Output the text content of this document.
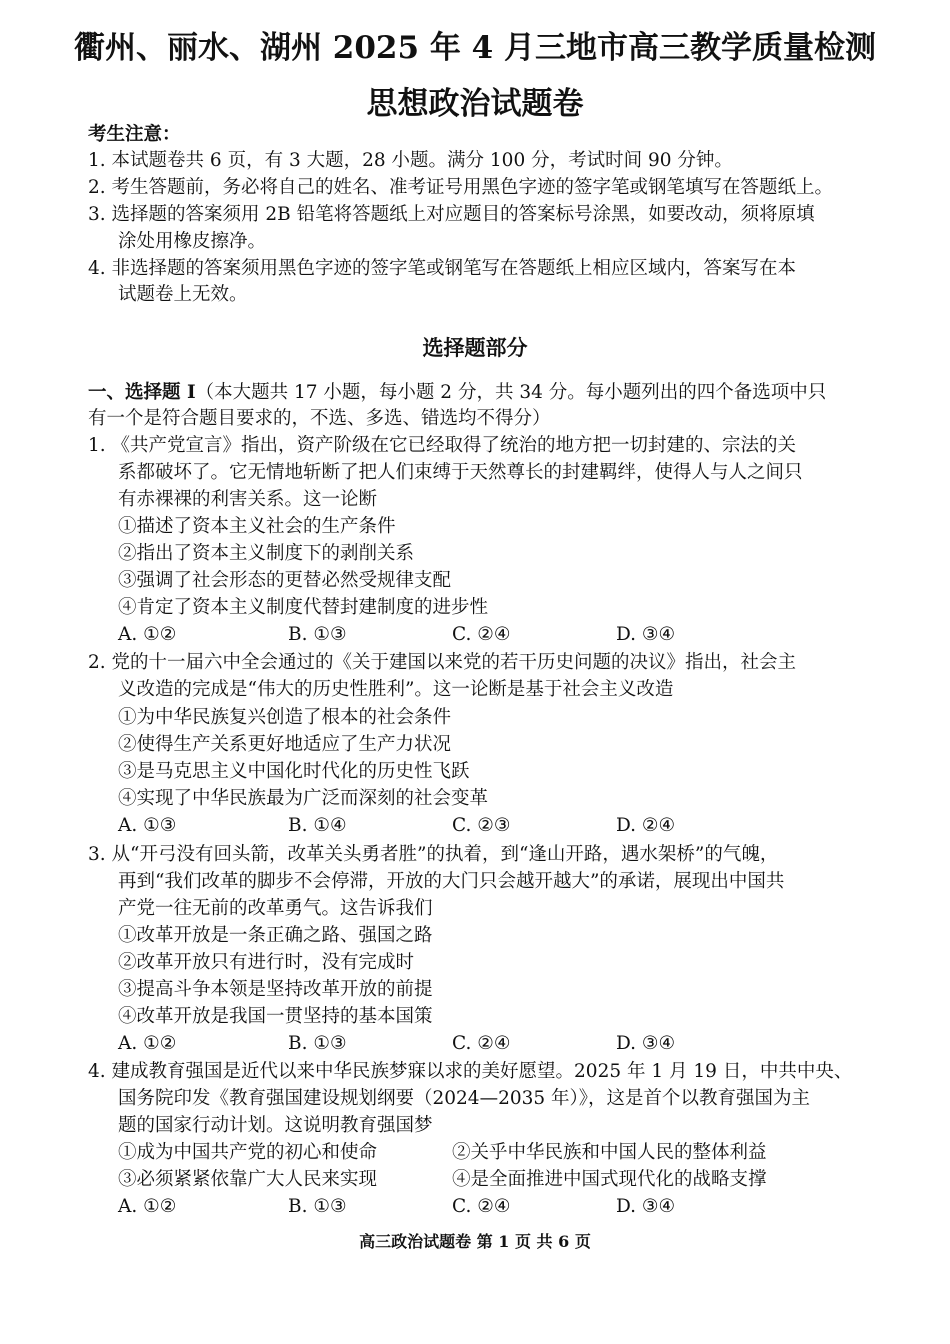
衢州、丽水、湖州 2025 年 4 月三地市高三教学质量检测
思想政治试题卷
考生注意：
1. 本试题卷共 6 页，有 3 大题，28 小题。满分 100 分，考试时间 90 分钟。
2. 考生答题前，务必将自己的姓名、准考证号用黑色字迹的签字笔或钢笔填写在答题纸上。
3. 选择题的答案须用 2B 铅笔将答题纸上对应题目的答案标号涂黑，如要改动，须将原填
涂处用橡皮擦净。
4. 非选择题的答案须用黑色字迹的签字笔或钢笔写在答题纸上相应区域内，答案写在本
试题卷上无效。
选择题部分
一、选择题 I（本大题共 17 小题，每小题 2 分，共 34 分。每小题列出的四个备选项中只
有一个是符合题目要求的，不选、多选、错选均不得分）
1. 《共产党宣言》指出，资产阶级在它已经取得了统治的地方把一切封建的、宗法的关
系都破坏了。它无情地斩断了把人们束缚于天然尊长的封建羁绊，使得人与人之间只
有赤裸裸的利害关系。这一论断
①描述了资本主义社会的生产条件
②指出了资本主义制度下的剥削关系
③强调了社会形态的更替必然受规律支配
④肯定了资本主义制度代替封建制度的进步性
A. ①②	B. ①③	C. ②④	D. ③④
2. 党的十一届六中全会通过的《关于建国以来党的若干历史问题的决议》指出，社会主
义改造的完成是“伟大的历史性胜利”。这一论断是基于社会主义改造
①为中华民族复兴创造了根本的社会条件
②使得生产关系更好地适应了生产力状况
③是马克思主义中国化时代化的历史性飞跃
④实现了中华民族最为广泛而深刻的社会变革
A. ①③	B. ①④	C. ②③	D. ②④
3. 从“开弓没有回头箭，改革关头勇者胜”的执着，到“逢山开路，遇水架桥”的气魄，
再到“我们改革的脚步不会停滞，开放的大门只会越开越大”的承诺，展现出中国共
产党一往无前的改革勇气。这告诉我们
①改革开放是一条正确之路、强国之路
②改革开放只有进行时，没有完成时
③提高斗争本领是坚持改革开放的前提
④改革开放是我国一贯坚持的基本国策
A. ①②	B. ①③	C. ②④	D. ③④
4. 建成教育强国是近代以来中华民族梦寐以求的美好愿望。2025 年 1 月 19 日，中共中央、
国务院印发《教育强国建设规划纲要（2024—2035 年）》，这是首个以教育强国为主
题的国家行动计划。这说明教育强国梦
①成为中国共产党的初心和使命	②关乎中华民族和中国人民的整体利益
③必须紧紧依靠广大人民来实现	④是全面推进中国式现代化的战略支撑
A. ①②	B. ①③	C. ②④	D. ③④
高三政治试题卷 第 1 页 共 6 页
